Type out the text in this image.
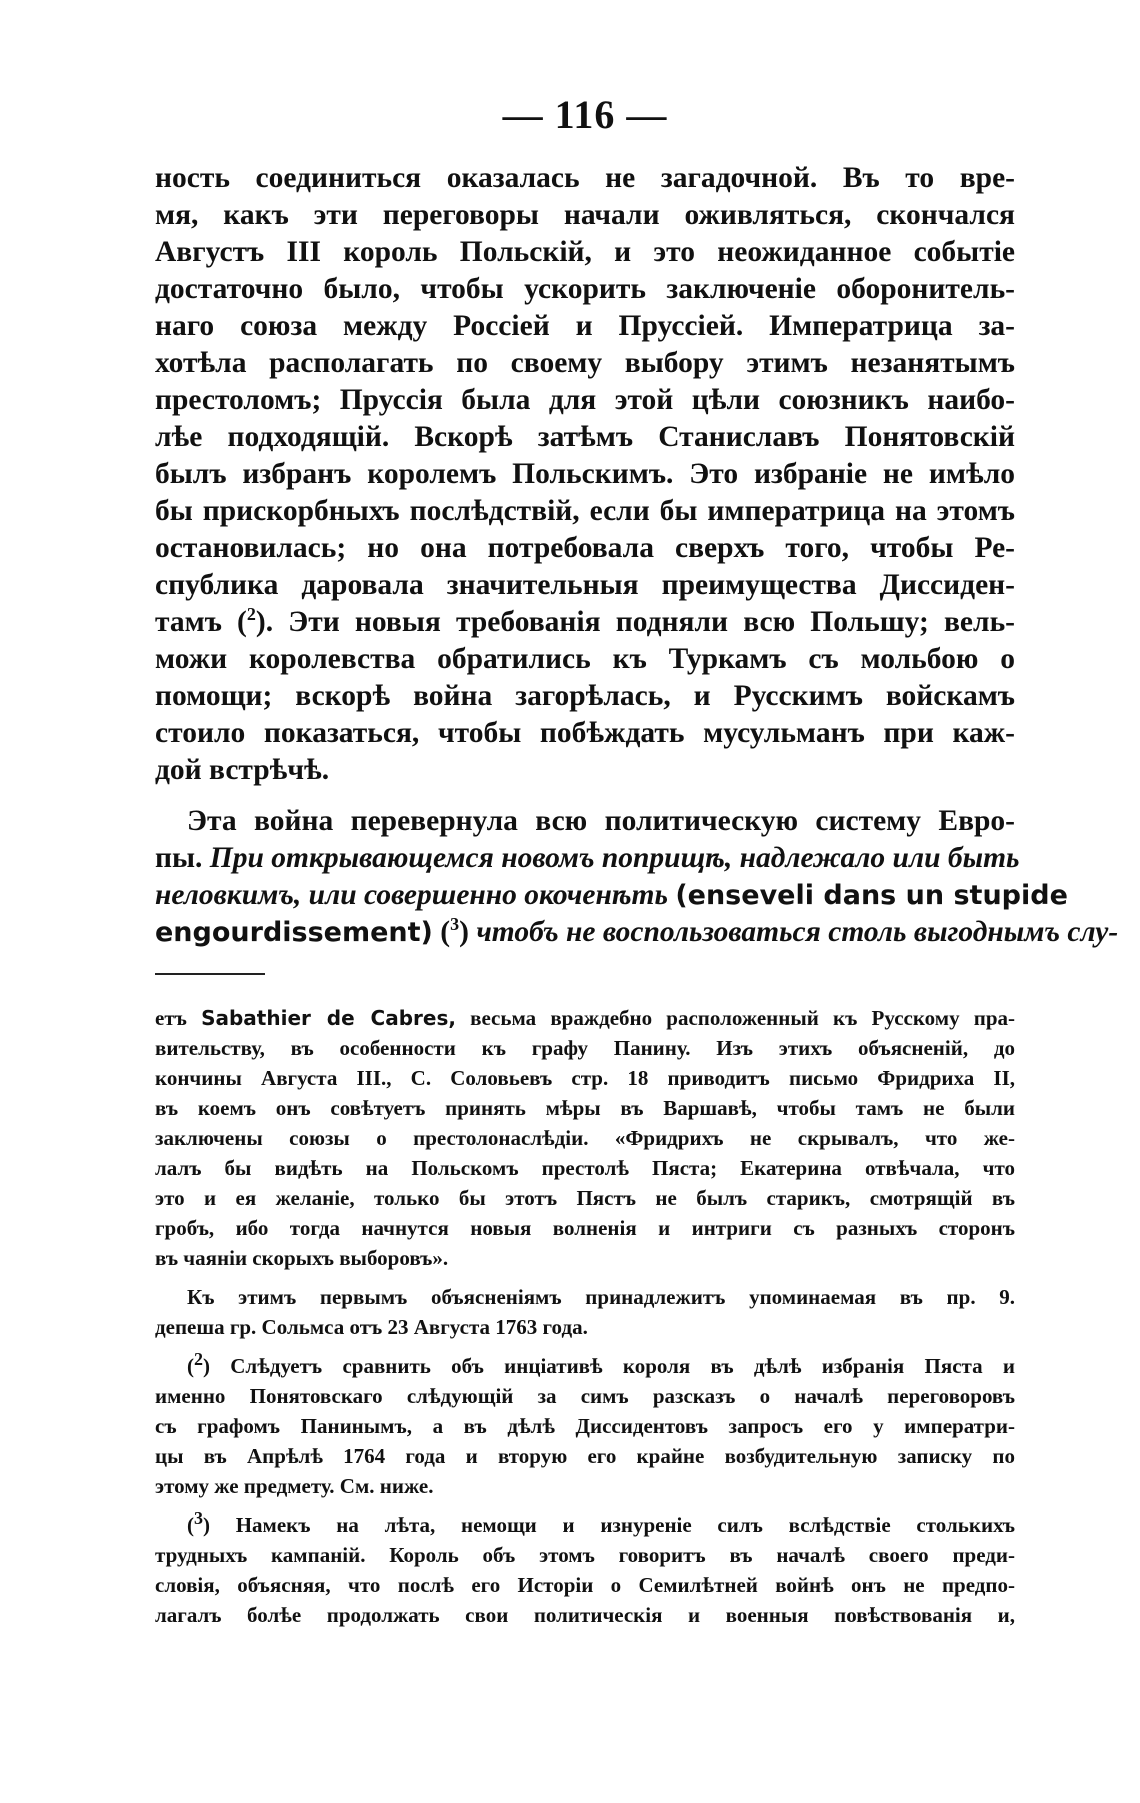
— 116 —
ность соединиться оказалась не загадочной. Въ то вре-
мя, какъ эти переговоры начали оживляться, скончался
Августъ III король Польскій, и это неожиданное событіе
достаточно было, чтобы ускорить заключеніе оборонитель-
наго союза между Россіей и Пруссіей. Императрица за-
хотѣла располагать по своему выбору этимъ незанятымъ
престоломъ; Пруссія была для этой цѣли союзникъ наибо-
лѣе подходящій. Вскорѣ затѣмъ Станиславъ Понятовскій
былъ избранъ королемъ Польскимъ. Это избраніе не имѣло
бы прискорбныхъ послѣдствій, если бы императрица на этомъ
остановилась; но она потребовала сверхъ того, чтобы Ре-
спублика даровала значительныя преимущества Диссиден-
тамъ ($^2$). Эти новыя требованія подняли всю Польшу; вель-
можи королевства обратились къ Туркамъ съ мольбою о
помощи; вскорѣ война загорѣлась, и Русскимъ войскамъ
стоило показаться, чтобы побѣждать мусульманъ при каж-
дой встрѣчѣ.
Эта война перевернула всю политическую систему Евро-
пы. При открывающемся новомъ поприщѣ, надлежало или быть
неловкимъ, или совершенно окоченѣть (enseveli dans un stupide
engourdissement) ($^3$) чтобъ не воспользоваться столь выгоднымъ слу-
етъ Sabathier de Cabres, весьма враждебно расположенный къ Русскому пра-
вительству, въ особенности къ графу Панину. Изъ этихъ объясненій, до
кончины Августа III., С. Соловьевъ стр. 18 приводитъ письмо Фридриха II,
въ коемъ онъ совѣтуетъ принять мѣры въ Варшавѣ, чтобы тамъ не были
заключены союзы о престолонаслѣдіи. «Фридрихъ не скрывалъ, что же-
лалъ бы видѣть на Польскомъ престолѣ Пяста; Екатерина отвѣчала, что
это и ея желаніе, только бы этотъ Пястъ не былъ старикъ, смотрящій въ
гробъ, ибо тогда начнутся новыя волненія и интриги съ разныхъ сторонъ
въ чаяніи скорыхъ выборовъ».
Къ этимъ первымъ объясненіямъ принадлежитъ упоминаемая въ пр. 9.
депеша гр. Сольмса отъ 23 Августа 1763 года.
(2) Слѣдуетъ сравнить объ инціативѣ короля въ дѣлѣ избранія Пяста и
именно Понятовскаго слѣдующій за симъ разсказъ о началѣ переговоровъ
съ графомъ Панинымъ, а въ дѣлѣ Диссидентовъ запросъ его у императри-
цы въ Апрѣлѣ 1764 года и вторую его крайне возбудительную записку по
этому же предмету. См. ниже.
(3) Намекъ на лѣта, немощи и изнуреніе силъ вслѣдствіе столькихъ
трудныхъ кампаній. Король объ этомъ говоритъ въ началѣ своего преди-
словія, объясняя, что послѣ его Исторіи о Семилѣтней войнѣ онъ не предпо-
лагалъ болѣе продолжать свои политическія и военныя повѣствованія и,
